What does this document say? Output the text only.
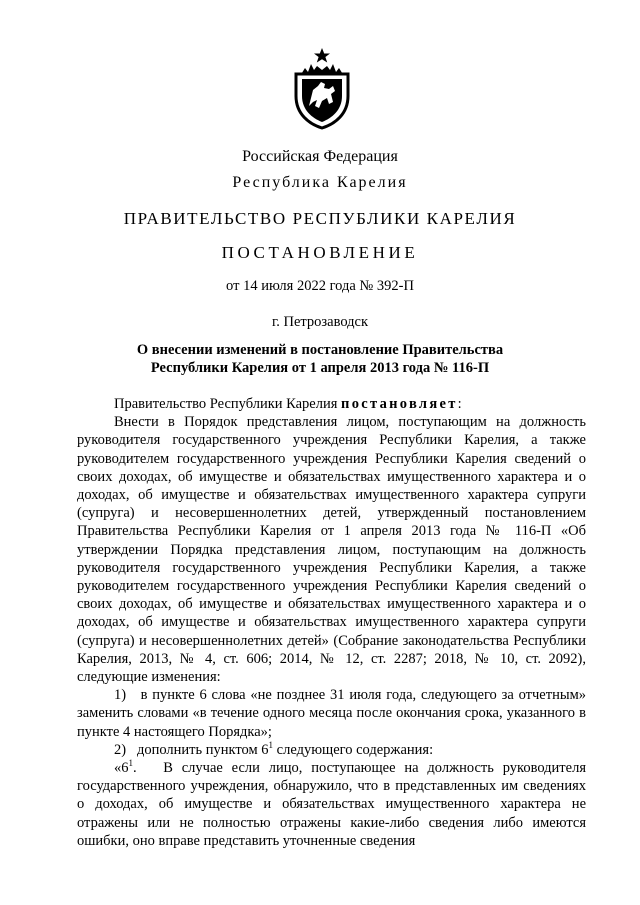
Российская Федерация
Республика Карелия
ПРАВИТЕЛЬСТВО РЕСПУБЛИКИ КАРЕЛИЯ
ПОСТАНОВЛЕНИЕ
от 14 июля 2022 года № 392-П
г. Петрозаводск
О внесении изменений в постановление Правительства
Республики Карелия от 1 апреля 2013 года № 116-П

Правительство Республики Карелия постановляет:

Внести в Порядок представления лицом, поступающим на должность руководителя государственного учреждения Республики Карелия, а также руководителем государственного учреждения Республики Карелия сведений о своих доходах, об имуществе и обязательствах имущественного характера и о доходах, об имуществе и обязательствах имущественного характера супруги (супруга) и несовершеннолетних детей, утвержденный постановлением Правительства Республики Карелия от 1 апреля 2013 года № 116-П «Об утверждении Порядка представления лицом, поступающим на должность руководителя государственного учреждения Республики Карелия, а также руководителем государственного учреждения Республики Карелия сведений о своих доходах, об имуществе и обязательствах имущественного характера и о доходах, об имуществе и обязательствах имущественного характера супруги (супруга) и несовершеннолетних детей» (Собрание законодательства Республики Карелия, 2013, № 4, ст. 606; 2014, № 12, ст. 2287; 2018, № 10, ст. 2092), следующие изменения:

1)   в пункте 6 слова «не позднее 31 июля года, следующего за отчетным» заменить словами «в течение одного месяца после окончания срока, указанного в пункте 4 настоящего Порядка»;

2)   дополнить пунктом $6^1$ следующего содержания:

«$6^1$.   В случае если лицо, поступающее на должность руководителя государственного учреждения, обнаружило, что в представленных им сведениях о доходах, об имуществе и обязательствах имущественного характера не отражены или не полностью отражены какие-либо сведения либо имеются ошибки, оно вправе представить уточненные сведения
